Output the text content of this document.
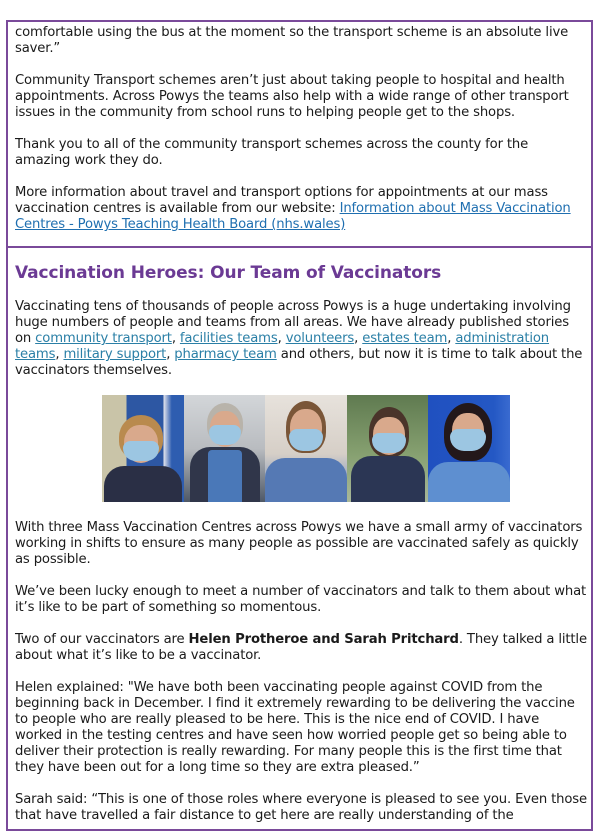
comfortable using the bus at the moment so the transport scheme is an absolute live saver.”

Community Transport schemes aren’t just about taking people to hospital and health appointments. Across Powys the teams also help with a wide range of other transport issues in the community from school runs to helping people get to the shops.

Thank you to all of the community transport schemes across the county for the amazing work they do.

More information about travel and transport options for appointments at our mass vaccination centres is available from our website: Information about Mass Vaccination Centres - Powys Teaching Health Board (nhs.wales)

Vaccination Heroes: Our Team of Vaccinators

Vaccinating tens of thousands of people across Powys is a huge undertaking involving huge numbers of people and teams from all areas. We have already published stories on community transport, facilities teams, volunteers, estates team, administration teams, military support, pharmacy team and others, but now it is time to talk about the vaccinators themselves.

With three Mass Vaccination Centres across Powys we have a small army of vaccinators working in shifts to ensure as many people as possible are vaccinated safely as quickly as possible.

We’ve been lucky enough to meet a number of vaccinators and talk to them about what it’s like to be part of something so momentous.

Two of our vaccinators are Helen Protheroe and Sarah Pritchard. They talked a little about what it’s like to be a vaccinator.

Helen explained: "We have both been vaccinating people against COVID from the beginning back in December. I find it extremely rewarding to be delivering the vaccine to people who are really pleased to be here. This is the nice end of COVID. I have worked in the testing centres and have seen how worried people get so being able to deliver their protection is really rewarding. For many people this is the first time that they have been out for a long time so they are extra pleased.”

Sarah said: “This is one of those roles where everyone is pleased to see you. Even those that have travelled a fair distance to get here are really understanding of the
